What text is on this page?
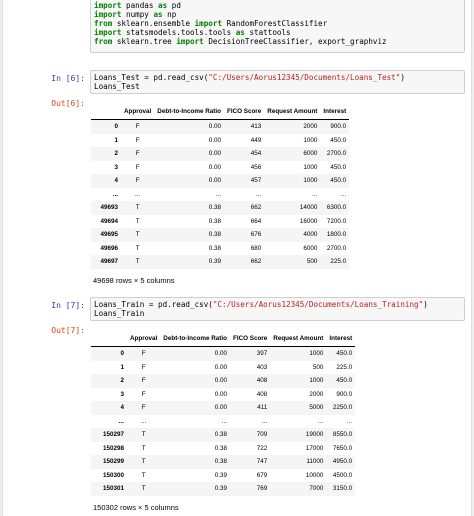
import pandas as pd
import numpy as np
from sklearn.ensemble import RandomForestClassifier
import statsmodels.tools.tools as stattools
from sklearn.tree import DecisionTreeClassifier, export_graphviz
In [6]:	Loans_Test = pd.read_csv("C:/Users/Aorus12345/Documents/Loans_Test")
Loans_Test
Out[6]:
	Approval	Debt-to-Income Ratio	FICO Score	Request Amount	Interest
0	F	0.00	413	2000	900.0
1	F	0.00	449	1000	450.0
2	F	0.00	454	6000	2700.0
3	F	0.00	456	1000	450.0
4	F	0.00	457	1000	450.0
...	...	...	...	...	...
49693	T	0.38	662	14000	6300.0
49694	T	0.38	664	16000	7200.0
49695	T	0.38	676	4000	1800.0
49696	T	0.38	680	6000	2700.0
49697	T	0.39	662	500	225.0
49698 rows × 5 columns
In [7]:	Loans_Train = pd.read_csv("C:/Users/Aorus12345/Documents/Loans_Training")
Loans_Train
Out[7]:
	Approval	Debt-to-Income Ratio	FICO Score	Request Amount	Interest
0	F	0.00	397	1000	450.0
1	F	0.00	403	500	225.0
2	F	0.00	408	1000	450.0
3	F	0.00	408	2000	900.0
4	F	0.00	411	5000	2250.0
...	...	...	...	...	...
150297	T	0.38	709	19000	8550.0
150298	T	0.38	722	17000	7650.0
150299	T	0.38	747	11000	4950.0
150300	T	0.39	679	10000	4500.0
150301	T	0.39	769	7000	3150.0
150302 rows × 5 columns
